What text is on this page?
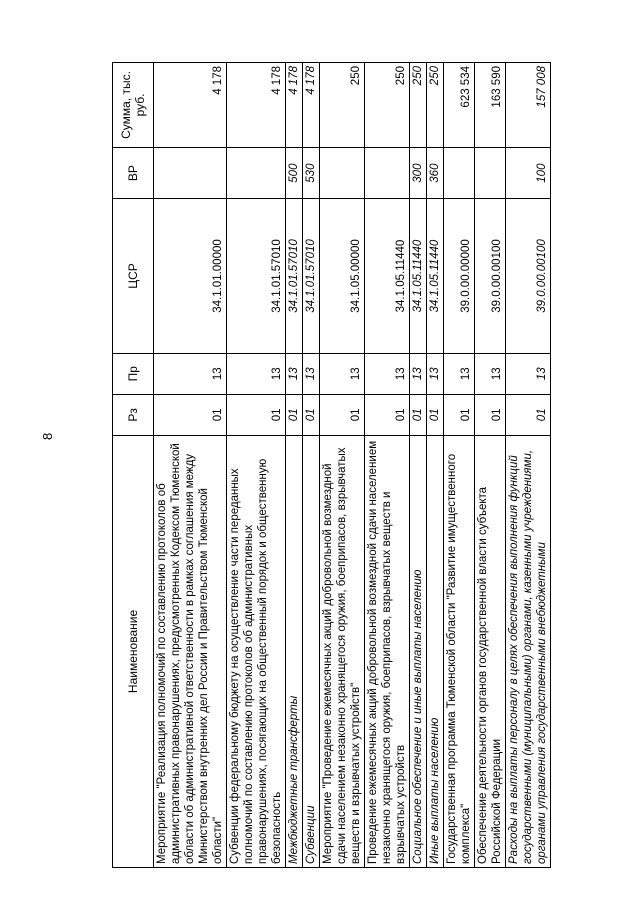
8
Наименование	Рз	Пр	ЦСР	ВР	Сумма, тыс. руб.
Мероприятие "Реализация полномочий по составлению протоколов об административных правонарушениях, предусмотренных Кодексом Тюменской области об административной ответственности в рамках соглашения между Министерством внутренних дел России и Правительством Тюменской области"	01	13	34.1.01.00000		4 178
Субвенции федеральному бюджету на осуществление части переданных полномочий по составлению протоколов об административных правонарушениях, посягающих на общественный порядок и общественную безопасность	01	13	34.1.01.57010		4 178
Межбюджетные трансферты	01	13	34.1.01.57010	500	4 178
Субвенции	01	13	34.1.01.57010	530	4 178
Мероприятие "Проведение ежемесячных акций добровольной возмездной сдачи населением незаконно хранящегося оружия, боеприпасов, взрывчатых веществ и взрывчатых устройств"	01	13	34.1.05.00000		250
Проведение ежемесячных акций добровольной возмездной сдачи населением незаконно хранящегося оружия, боеприпасов, взрывчатых веществ и взрывчатых устройств	01	13	34.1.05.11440		250
Социальное обеспечение и иные выплаты населению	01	13	34.1.05.11440	300	250
Иные выплаты населению	01	13	34.1.05.11440	360	250
Государственная программа Тюменской области "Развитие имущественного комплекса"	01	13	39.0.00.00000		623 534
Обеспечение деятельности органов государственной власти субъекта Российской Федерации	01	13	39.0.00.00100		163 590
Расходы на выплаты персоналу в целях обеспечения выполнения функций государственными (муниципальными) органами, казенными учреждениями, органами управления государственными внебюджетными	01	13	39.0.00.00100	100	157 008
